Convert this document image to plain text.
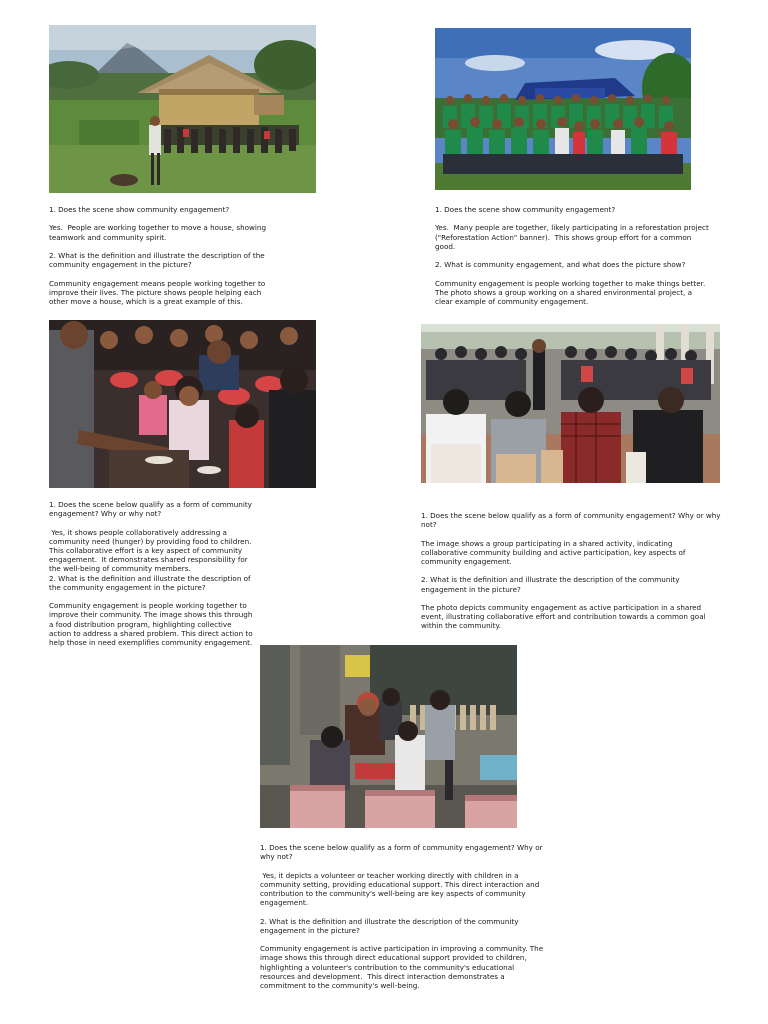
1. Does the scene show community engagement?

Yes.  People are working together to move a house, showing teamwork and community spirit.

2. What is the definition and illustrate the description of the community engagement in the picture?

Community engagement means people working together to improve their lives. The picture shows people helping each other move a house, which is a great example of this.

1. Does the scene show community engagement?

Yes.  Many people are together, likely participating in a reforestation project ("Reforestation Action" banner).  This shows group effort for a common good.

2. What is community engagement, and what does the picture show?

Community engagement is people working together to make things better.  The photo shows a group working on a shared environmental project, a clear example of community engagement.

1. Does the scene below qualify as a form of community engagement? Why or why not?

Yes, it shows people collaboratively addressing a community need (hunger) by providing food to children. This collaborative effort is a key aspect of community engagement.  It demonstrates shared responsibility for the well-being of community members.
2. What is the definition and illustrate the description of the community engagement in the picture?

Community engagement is people working together to improve their community. The image shows this through a food distribution program, highlighting collective action to address a shared problem. This direct action to help those in need exemplifies community engagement.

1. Does the scene below qualify as a form of community engagement? Why or why not?

The image shows a group participating in a shared activity, indicating collaborative community building and active participation, key aspects of community engagement.

2. What is the definition and illustrate the description of the community engagement in the picture?

The photo depicts community engagement as active participation in a shared event, illustrating collaborative effort and contribution towards a common goal within the community.

1. Does the scene below qualify as a form of community engagement? Why or why not?

Yes, it depicts a volunteer or teacher working directly with children in a community setting, providing educational support. This direct interaction and contribution to the community's well-being are key aspects of community engagement.

2. What is the definition and illustrate the description of the community engagement in the picture?

Community engagement is active participation in improving a community. The image shows this through direct educational support provided to children, highlighting a volunteer's contribution to the community's educational resources and development.  This direct interaction demonstrates a commitment to the community's well-being.
